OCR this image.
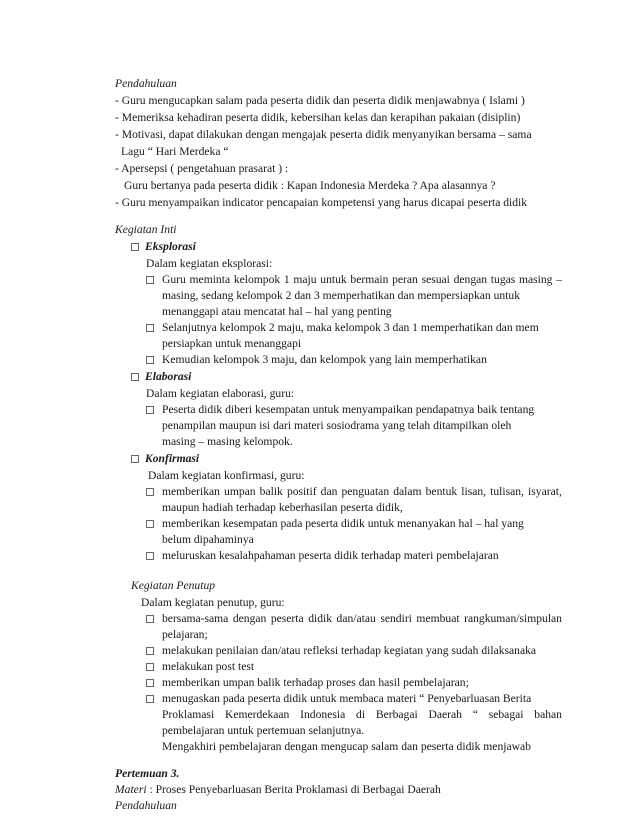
Pendahuluan
- Guru mengucapkan salam pada peserta didik dan peserta didik menjawabnya ( Islami )
- Memeriksa kehadiran peserta didik, kebersihan kelas dan kerapihan pakaian (disiplin)
- Motivasi, dapat dilakukan dengan mengajak peserta didik menyanyikan bersama – sama
Lagu “ Hari Merdeka “
- Apersepsi ( pengetahuan prasarat ) :
Guru bertanya pada peserta didik : Kapan Indonesia Merdeka ? Apa alasannya ?
- Guru menyampaikan indicator pencapaian kompetensi yang harus dicapai peserta didik
Kegiatan Inti
Eksplorasi
Dalam kegiatan eksplorasi:
Guru meminta kelompok 1 maju untuk bermain peran sesuai dengan tugas masing –
masing, sedang kelompok 2 dan 3 memperhatikan dan mempersiapkan untuk
menanggapi atau mencatat hal – hal yang penting
Selanjutnya kelompok 2 maju, maka kelompok 3 dan 1 memperhatikan dan mem
persiapkan untuk menanggapi
Kemudian kelompok 3 maju, dan kelompok yang lain memperhatikan
Elaborasi
Dalam kegiatan elaborasi, guru:
Peserta didik diberi kesempatan untuk menyampaikan pendapatnya baik tentang
penampilan maupun isi dari materi sosiodrama yang telah ditampilkan oleh
masing – masing kelompok.
Konfirmasi
Dalam kegiatan konfirmasi, guru:
memberikan umpan balik positif dan penguatan dalam bentuk lisan, tulisan, isyarat,
maupun hadiah terhadap keberhasilan peserta didik,
memberikan kesempatan pada peserta didik untuk menanyakan hal – hal yang
belum dipahaminya
meluruskan kesalahpahaman peserta didik terhadap materi pembelajaran
Kegiatan Penutup
Dalam kegiatan penutup, guru:
bersama-sama dengan peserta didik dan/atau sendiri membuat rangkuman/simpulan
pelajaran;
melakukan penilaian dan/atau refleksi terhadap kegiatan yang sudah dilaksanaka
melakukan post test
memberikan umpan balik terhadap proses dan hasil pembelajaran;
menugaskan pada peserta didik untuk membaca materi “ Penyebarluasan Berita
Proklamasi Kemerdekaan Indonesia di Berbagai Daerah “ sebagai bahan
pembelajaran untuk pertemuan selanjutnya.
Mengakhiri pembelajaran dengan mengucap salam dan peserta didik menjawab
Pertemuan 3.
Materi : Proses Penyebarluasan Berita Proklamasi di Berbagai Daerah
Pendahuluan
